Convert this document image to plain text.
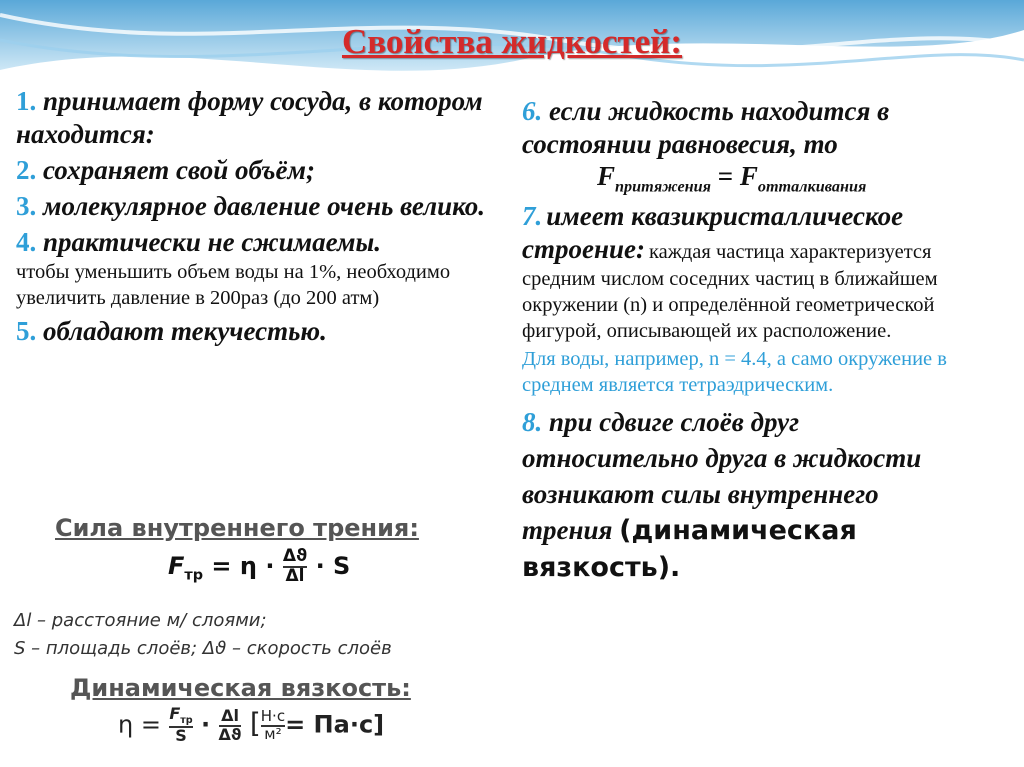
Свойства жидкостей:
1. принимает форму сосуда, в котором находится:
2. сохраняет свой объём;
3. молекулярное давление очень велико.
4. практически не сжимаемы.
чтобы уменьшить объем воды на 1%, необходимо увеличить давление в 200раз (до 200 атм)
5. обладают текучестью.
Сила внутреннего трения:
$F_{тр} = \eta \cdot \frac{\Delta ϑ}{\Delta l} \cdot S$
Δl – расстояние м/ слоями;
S – площадь слоёв; Δϑ – скорость слоёв
Динамическая вязкость:
$\eta = \frac{F_{тр}}{S} \cdot \frac{\Delta l}{\Delta ϑ}$ [ $\frac{Н\cdot с}{\text{м²}} = Па\cdot с$]
6. если жидкость находится в состоянии равновесия, то
$F_{притяжения} = F_{отталкивания}$
7. имеет квазикристаллическое строение: каждая частица характеризуется средним числом соседних частиц в ближайшем окружении (n) и определённой геометрической фигурой, описывающей их расположение.
Для воды, например, n = 4.4, а само окружение в среднем является тетраэдрическим.
8. при сдвиге слоёв друг относительно друга в жидкости возникают силы внутреннего трения (динамическая вязкость).
